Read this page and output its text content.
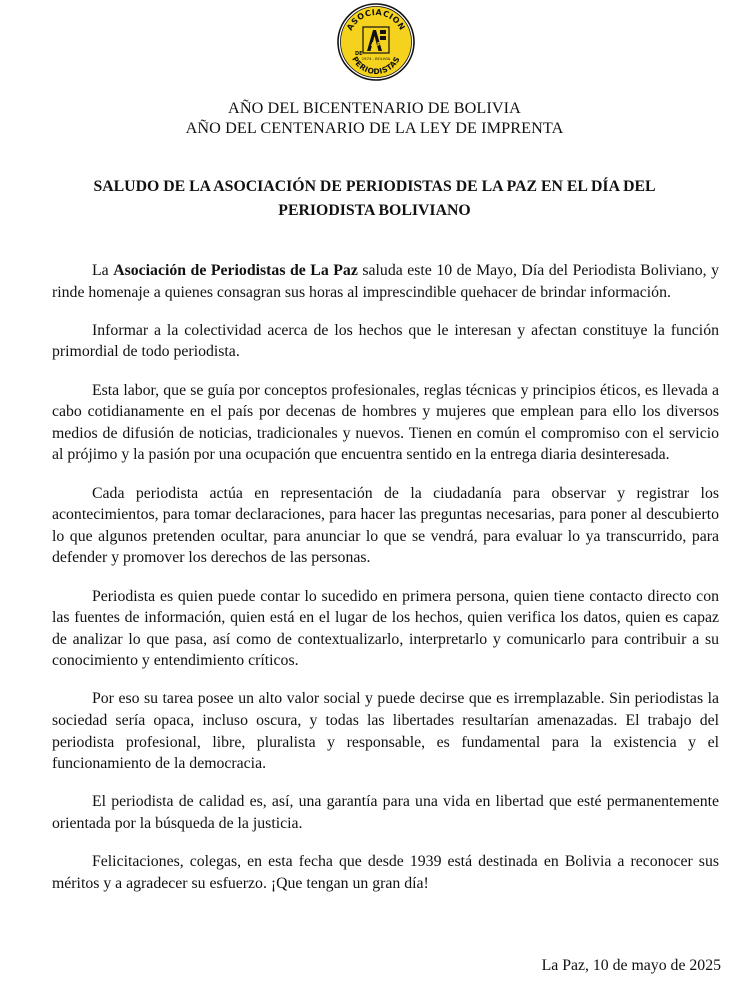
ASOCIACION
PERIODISTAS
DE
A P
1974 - BOLIVIA
AÑO DEL BICENTENARIO DE BOLIVIA
AÑO DEL CENTENARIO DE LA LEY DE IMPRENTA
SALUDO DE LA ASOCIACIÓN DE PERIODISTAS DE LA PAZ EN EL DÍA DEL
PERIODISTA BOLIVIANO

La Asociación de Periodistas de La Paz saluda este 10 de Mayo, Día del Periodista Boliviano, y rinde homenaje a quienes consagran sus horas al imprescindible quehacer de brindar información.

Informar a la colectividad acerca de los hechos que le interesan y afectan constituye la función primordial de todo periodista.

Esta labor, que se guía por conceptos profesionales, reglas técnicas y principios éticos, es llevada a cabo cotidianamente en el país por decenas de hombres y mujeres que emplean para ello los diversos medios de difusión de noticias, tradicionales y nuevos. Tienen en común el compromiso con el servicio al prójimo y la pasión por una ocupación que encuentra sentido en la entrega diaria desinteresada.

Cada periodista actúa en representación de la ciudadanía para observar y registrar los acontecimientos, para tomar declaraciones, para hacer las preguntas necesarias, para poner al descubierto lo que algunos pretenden ocultar, para anunciar lo que se vendrá, para evaluar lo ya transcurrido, para defender y promover los derechos de las personas.

Periodista es quien puede contar lo sucedido en primera persona, quien tiene contacto directo con las fuentes de información, quien está en el lugar de los hechos, quien verifica los datos, quien es capaz de analizar lo que pasa, así como de contextualizarlo, interpretarlo y comunicarlo para contribuir a su conocimiento y entendimiento críticos.

Por eso su tarea posee un alto valor social y puede decirse que es irremplazable. Sin periodistas la sociedad sería opaca, incluso oscura, y todas las libertades resultarían amenazadas. El trabajo del periodista profesional, libre, pluralista y responsable, es fundamental para la existencia y el funcionamiento de la democracia.

El periodista de calidad es, así, una garantía para una vida en libertad que esté permanentemente orientada por la búsqueda de la justicia.

Felicitaciones, colegas, en esta fecha que desde 1939 está destinada en Bolivia a reconocer sus méritos y a agradecer su esfuerzo. ¡Que tengan un gran día!

La Paz, 10 de mayo de 2025
